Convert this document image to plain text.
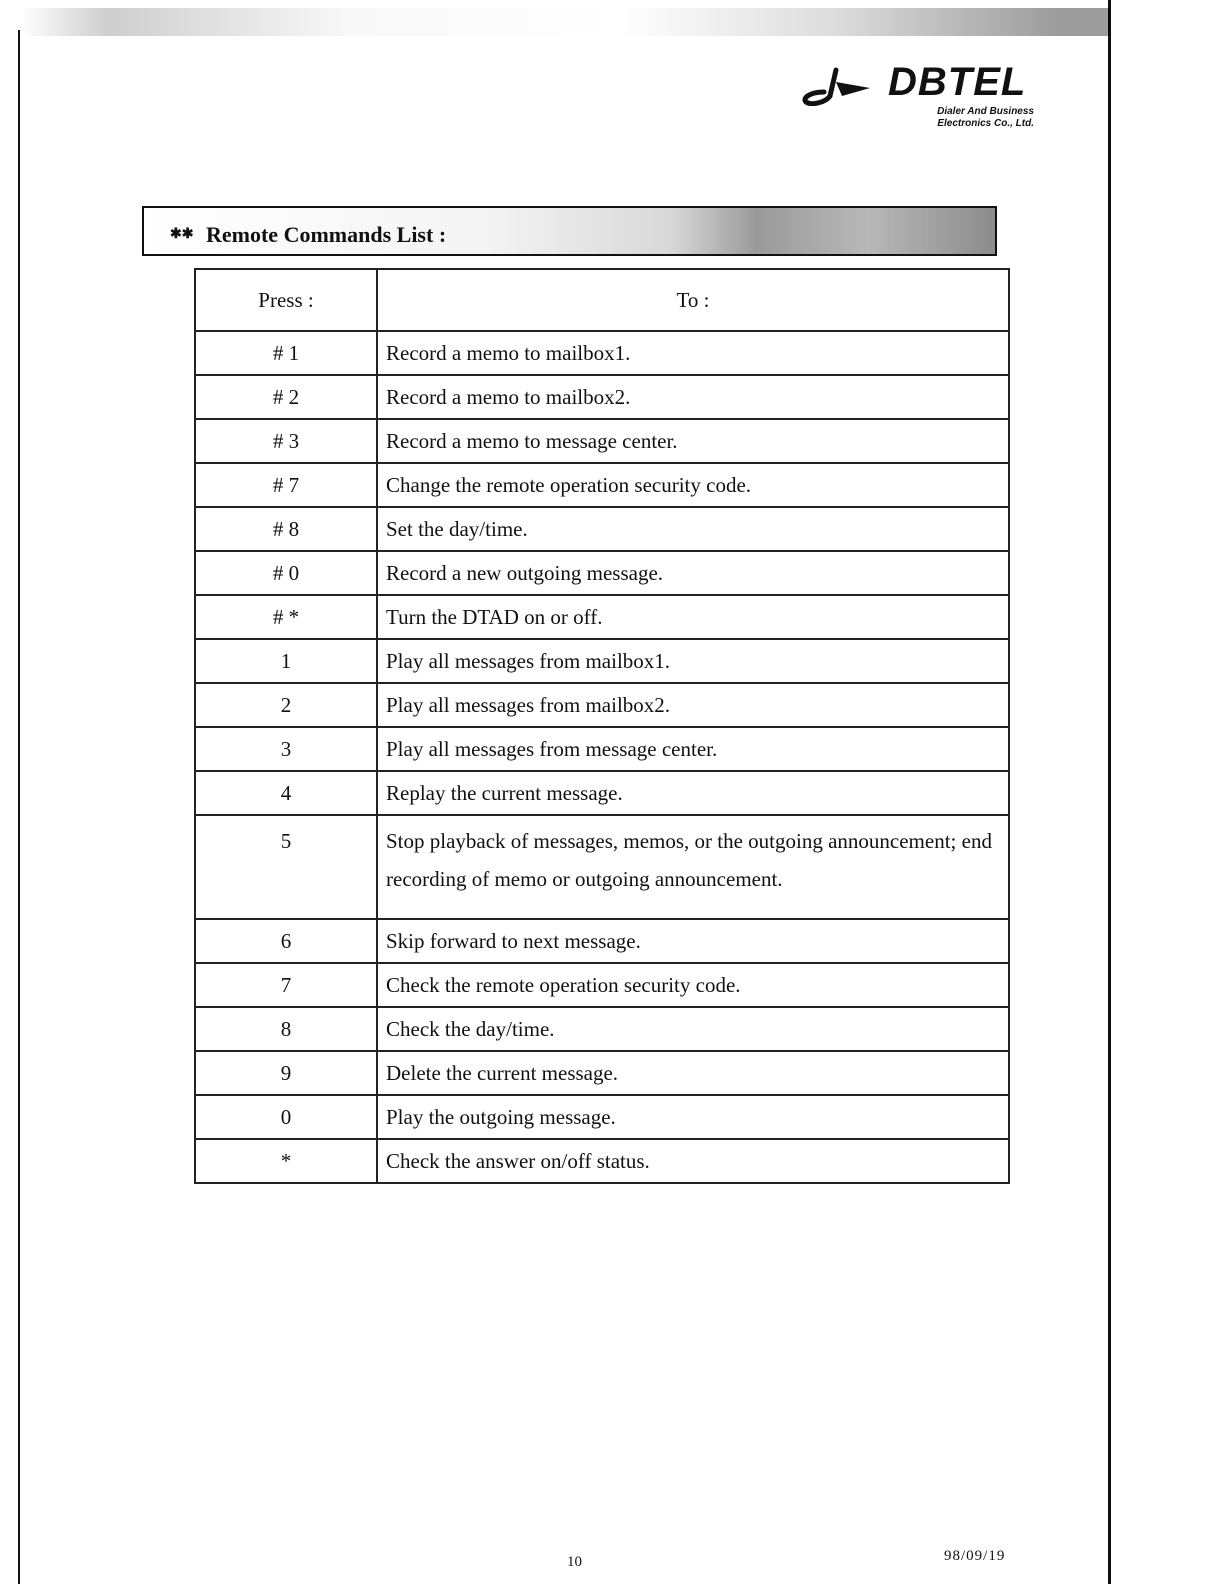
DBTEL
Dialer And Business
Electronics Co., Ltd.
✱✱ Remote Commands List :
Press :	To :
# 1	Record a memo to mailbox1.
# 2	Record a memo to mailbox2.
# 3	Record a memo to message center.
# 7	Change the remote operation security code.
# 8	Set the day/time.
# 0	Record a new outgoing message.
# *	Turn the DTAD on or off.
1	Play all messages from mailbox1.
2	Play all messages from mailbox2.
3	Play all messages from message center.
4	Replay the current message.
5	Stop playback of messages, memos, or the outgoing announcement; end recording of memo or outgoing announcement.
6	Skip forward to next message.
7	Check the remote operation security code.
8	Check the day/time.
9	Delete the current message.
0	Play the outgoing message.
*	Check the answer on/off status.
10	98/09/19
